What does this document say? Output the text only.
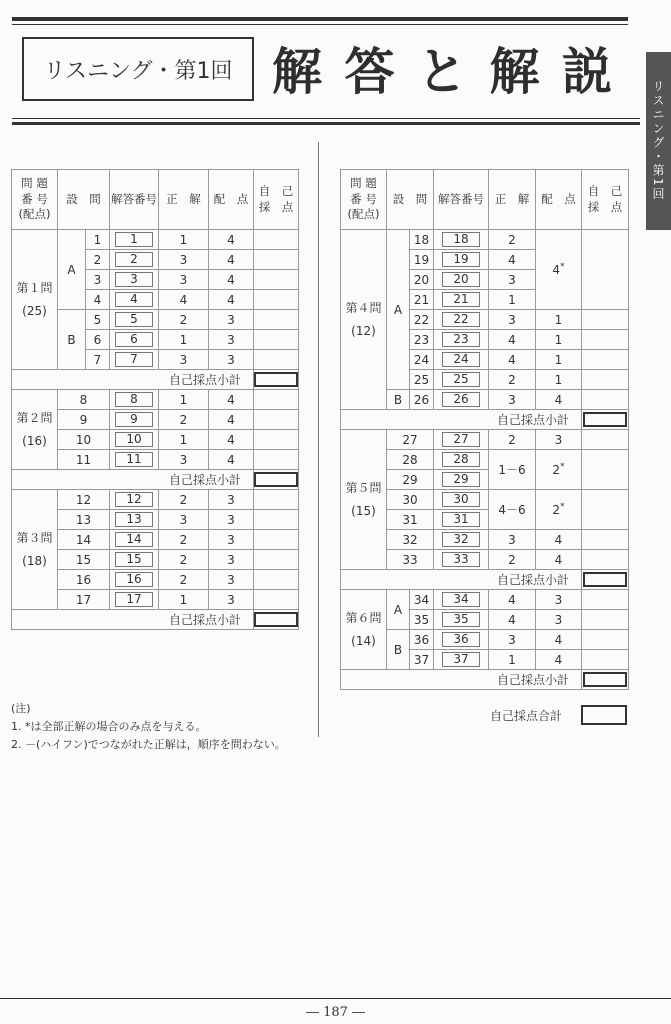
リスニング・第1回 解 答 と 解 説
リスニング・第1回
問 題
番 号
(配点)	設　問		解答番号	正　解	配　点	自　己
採　点
第１問
(25)	A	1	1	1	4	
		2	2	3	4	
		3	3	3	4	
		4	4	4	4	
	B	5	5	2	3	
		6	6	1	3	
		7	7	3	3	
自己採点小計						

第２問
(16)	8		8	1	4	
	9		9	2	4	
	10		10	1	4	
	11		11	3	4	
自己採点小計						

第３問
(18)	12		12	2	3	
	13		13	3	3	
	14		14	2	3	
	15		15	2	3	
	16		16	2	3	
	17		17	1	3	
自己採点小計						
問 題
番 号
(配点)	設　問		解答番号	正　解	配　点	自　己
採　点
第４問
(12)	A	18	18	2	4*	
		19	19	4		
		20	20	3		
		21	21	1		
		22	22	3	1	
		23	23	4	1	
		24	24	4	1	
		25	25	2	1	
	B	26	26	3	4	
自己採点小計						

第５問
(15)	27		27	2	3	
	28		28	1－6	2*	
	29		29			
	30		30	4－6	2*	
	31		31			
	32		32	3	4	
	33		33	2	4	
自己採点小計						

第６問
(14)	A	34	34	4	3	
		35	35	4	3	
	B	36	36	3	4	
		37	37	1	4	
自己採点小計						
自己採点合計
(注)
1. *は全部正解の場合のみ点を与える。
2. －(ハイフン)でつながれた正解は，順序を問わない。
― 187 ―
